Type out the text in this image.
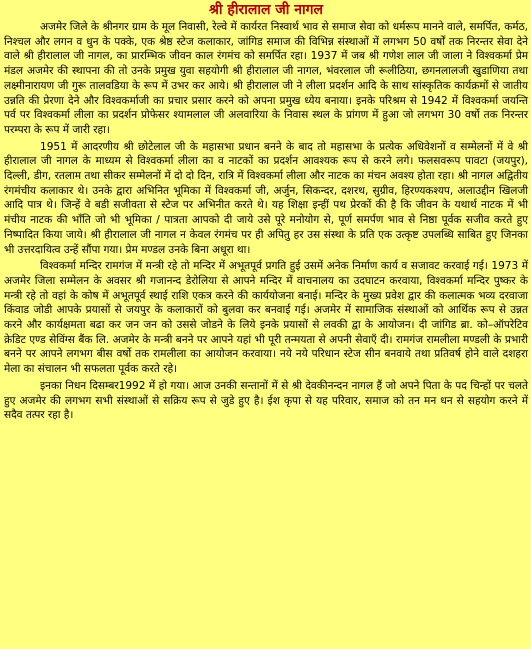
श्री हीरालाल जी नागल

अजमेर जिले के श्रीनगर ग्राम के मूल निवासी, रेल्वे में कार्यरत निस्वार्थ भाव से समाज सेवा को धर्मरूप मानने वाले, समर्पित, कर्मठ, निश्चल और लगन व धुन के पक्के, एक श्रेष्ठ स्टेज कलाकार, जांगिड समाज की विभिन्न संस्थाओं में लगभग 50 वर्षों तक निरन्तर सेवा देने वाले श्री हीरालाल जी नागल, का प्रारम्भिक जीवन काल रंगमंच को समर्पित रहा। 1937 में जब श्री गणेश लाल जी जाला ने विश्वकर्मा प्रेम मंडल अजमेर की स्थापना की तो उनके प्रमुख युवा सहयोगी श्री हीरालाल जी नागल, भंवरलाल जी रूलीठिया, छगनलालजी खुडाणिया तथा लक्ष्मीनारायण जी गुरू तालवडिया के रूप में उभर कर आये। श्री हीरालाल जी ने लीला प्रदर्शन आदि के साथ सांस्कृतिक कार्यक्रमों से जातीय उन्नति की प्रेरणा देने और विश्वकर्माजी का प्रचार प्रसार करने को अपना प्रमुख ध्येय बनाया। इनके परिश्रम से 1942 में विश्वकर्मा जयन्ति पर्व पर विश्वकर्मा लीला का प्रदर्शन प्रोफेसर श्यामलाल जी अलवारिया के निवास स्थल के प्रांगण में हुआ जो लगभग 30 वर्षो तक निरन्तर परम्परा के रूप में जारी रहा।

1951 में आदरणीय श्री छोटेलाल जी के महासभा प्रधान बनने के बाद तो महासभा के प्रत्येक अधिवेशनों व सम्मेलनों में वे श्री हीरालाल जी नागल के माध्यम से विश्वकर्मा लीला का व नाटकों का प्रदर्शन आवश्यक रूप से करने लगे। फलसवरूप पावटा (जयपुर), दिल्ली, डीग, रतलाम तथा सीकर सम्मेलनों में दो दो दिन, रात्रि में विश्वकर्मा लीला और नाटक का मंचन अवश्य होता रहा। श्री नागल अद्वितीय रंगमंचीय कलाकार थे। उनके द्वारा अभिनित भूमिका में विश्वकर्मा जी, अर्जुन, सिकन्दर, दशरथ, सुग्रीव, हिरण्यकश्यप, अलाउद्दीन खिलजी आदि पात्र थे। जिन्हें वे बडी सजीवता से स्टेज पर अभिनीत करते थे। यह शिक्षा इन्हीं पथ प्रेरकों की है कि जीवन के यथार्थ नाटक में भी मंचीय नाटक की भाँति जो भी भूमिका / पात्रता आपको दी जाये उसे पूरे मनोयोग से, पूर्ण समर्पण भाव से निष्ठा पूर्वक सजीव करते हुए निष्पादित किया जाये। श्री हीरालाल जी नागल न केवल रंगमंच पर ही अपितु हर उस संस्था के प्रति एक उत्कृष्ट उपलब्धि साबित हुए जिनका भी उत्तरदायित्व उन्हें सौंपा गया। प्रेम मण्डल उनके बिना अधूरा था।

विश्वकर्मा मन्दिर रामगंज में मन्त्री रहे तो मन्दिर में अभूतपूर्व प्रगति हुई उसमें अनेक निर्माण कार्य व सजावट करवाई गई। 1973 में अजमेर जिला सम्मेलन के अवसर श्री गजानन्द डेरोलिया से आपने मन्दिर में वाचनालय का उदघाटन करवाया, विश्वकर्मा मन्दिर पुष्कर के मन्त्री रहे तो वहां के कोष में अभूतपूर्व स्थाई राशि एकत्र करने की कार्ययोजना बनाई। मन्दिर के मुख्य प्रवेश द्वार की कलात्मक भव्य दरवाजा किंवाड जोडी आपके प्रयासों से जयपुर के कलाकारों को बुलवा कर बनवाई गई। अजमेर में सामाजिक संस्थाओं को आर्थिक रूप से उन्नत करने और कार्यक्षमता बढा कर जन जन को उससे जोडने के लिये इनके प्रयासों से लवकी द्वा के आयोजन। दी जांगिड ब्रा. को–ऑपरेटिव क्रेडिट एण्ड सेविंग्स बैंक लि. अजमेर के मन्त्री बनने पर आपने यहां भी पूरी तन्मयता से अपनी सेवाएँ दी। रामगंज रामलीला मण्डली के प्रभारी बनने पर आपने लगभग बीस वर्षो तक रामलीला का आयोजन करवाया। नये नये परिधान स्टेज सीन बनवाये तथा प्रतिवर्ष होने वाले दशहरा मेला का संचालन भी सफलता पूर्वक करते रहे।

इनका निधन दिसम्बर1992 में हो गया। आज उनकी सन्तानों में से श्री देवकीनन्दन नागल हैं जो अपने पिता के पद चिन्हों पर चलते हुए अजमेर की लगभग सभी संस्थाओं से सक्रिय रूप से जुडे हुए है। ईश कृपा से यह परिवार, समाज को तन मन धन से सहयोग करने में सदैव तत्पर रहा है।
